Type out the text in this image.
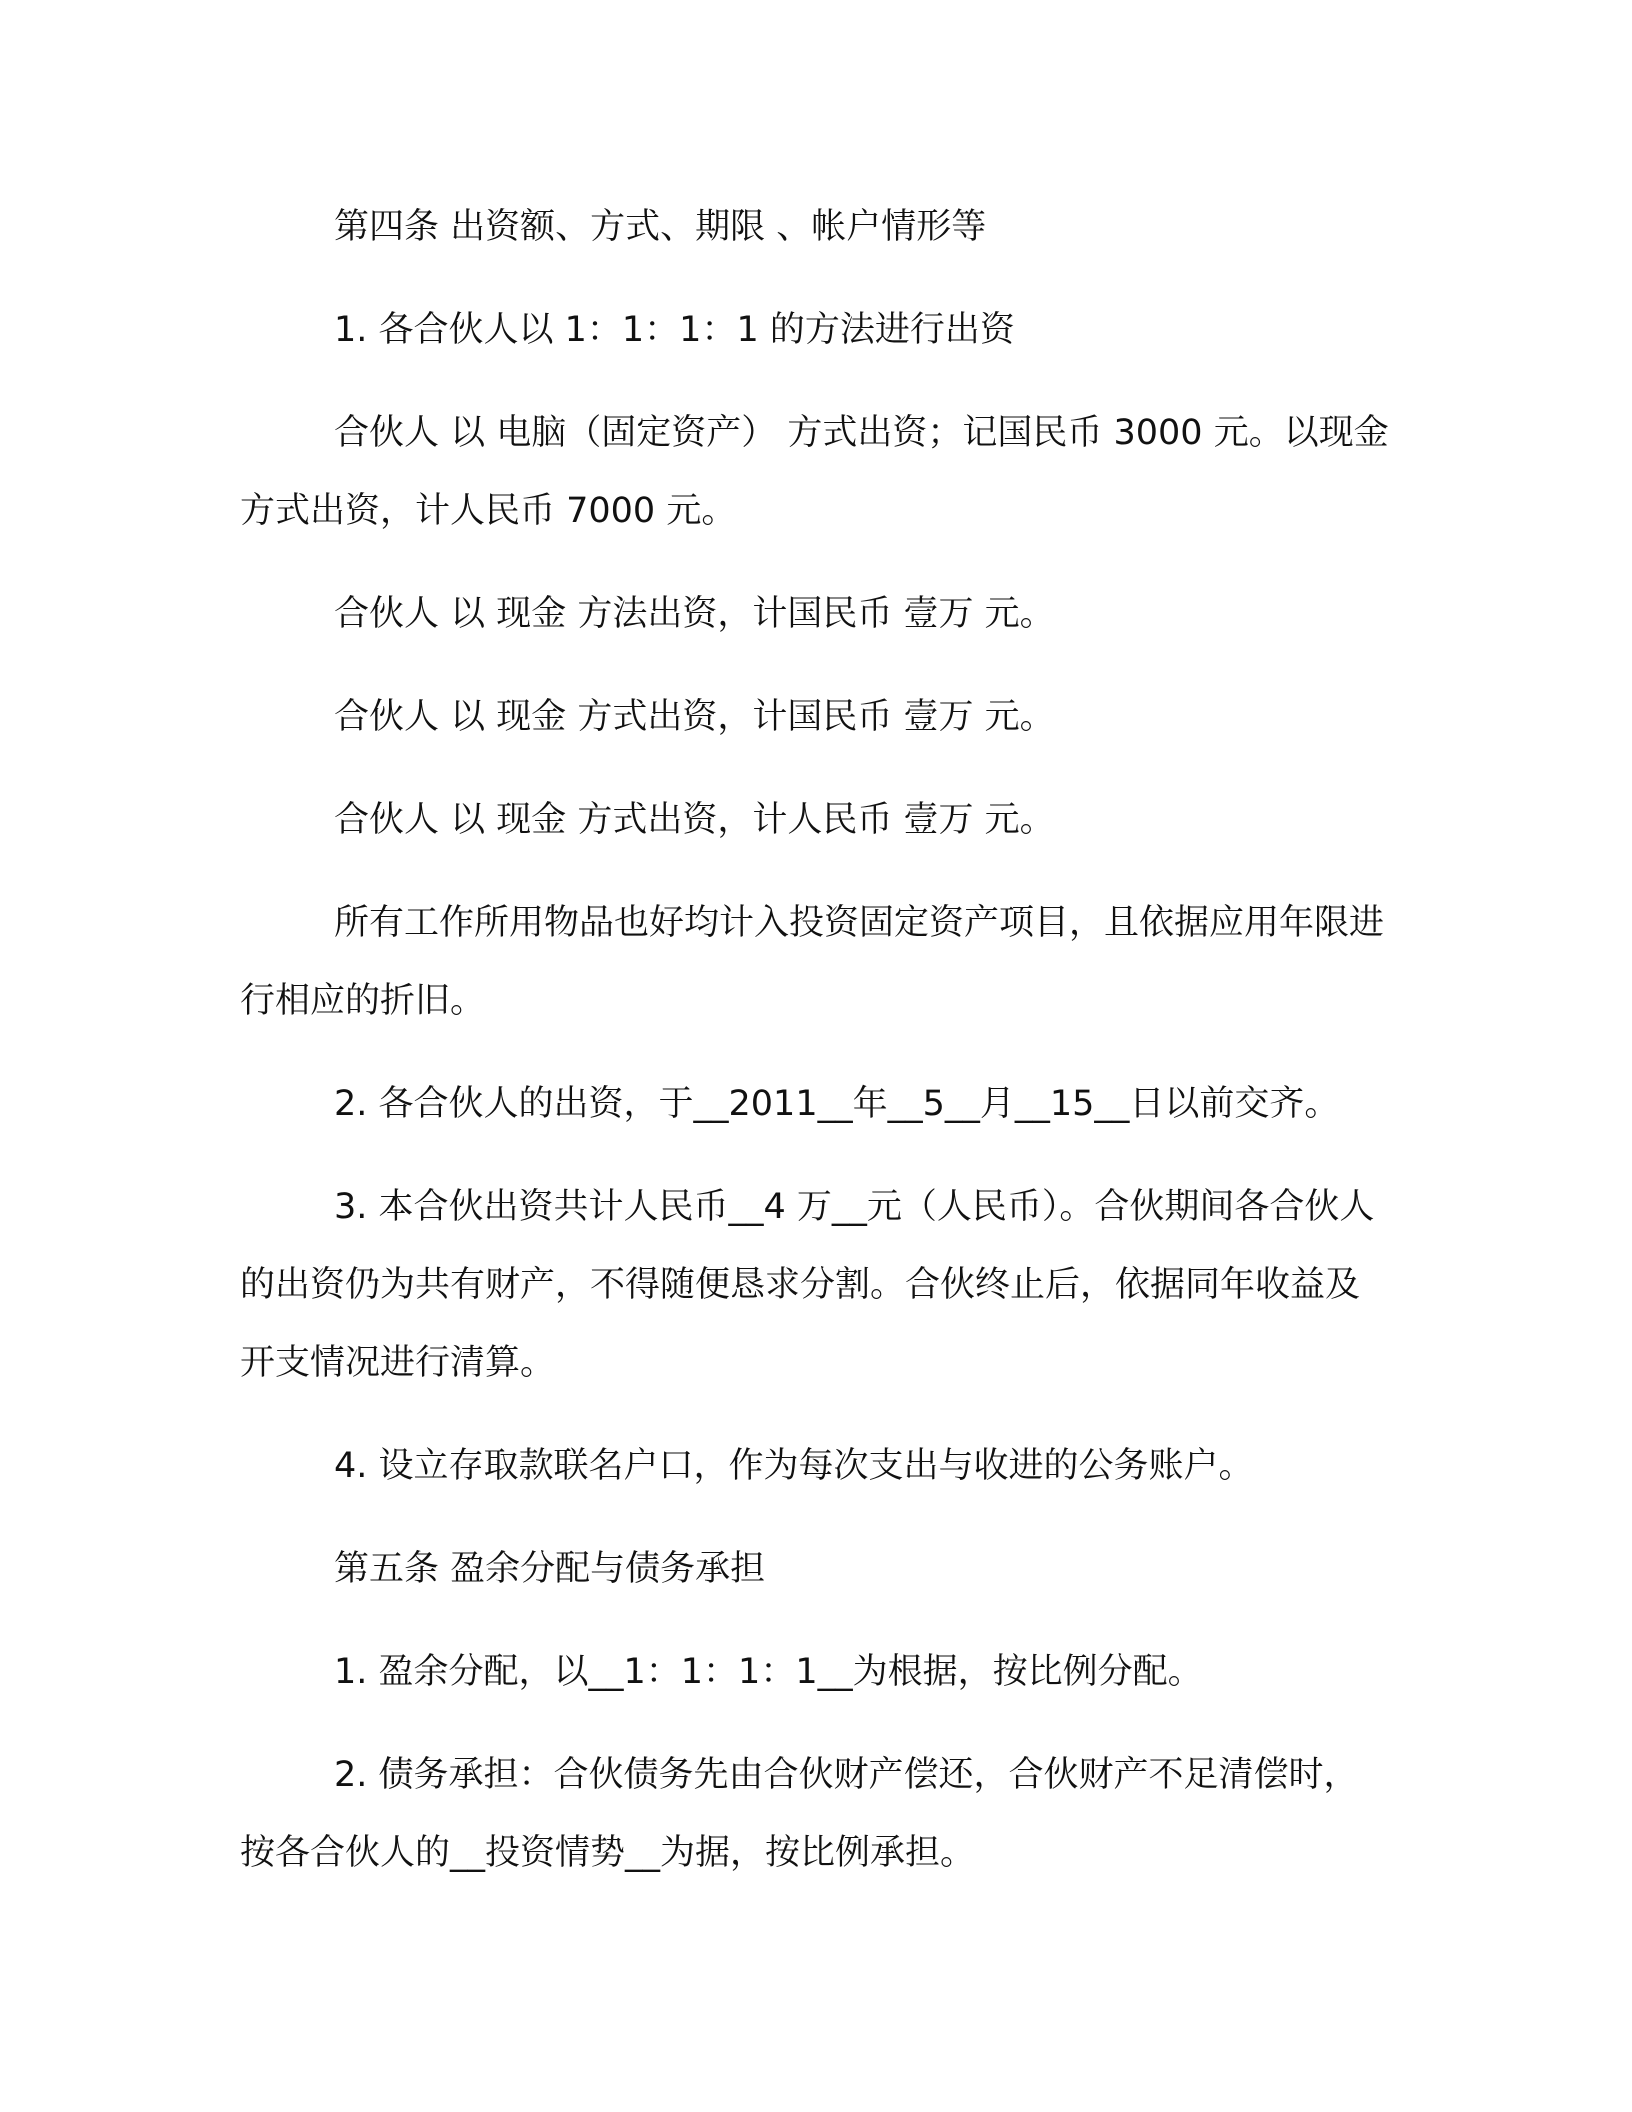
第四条 出资额、方式、期限 、帐户情形等

1. 各合伙人以 1：1：1：1 的方法进行出资

合伙人 以 电脑（固定资产） 方式出资；记国民币 3000 元。以现金 方式出资，计人民币 7000 元。

合伙人 以 现金 方法出资，计国民币 壹万 元。

合伙人 以 现金 方式出资，计国民币 壹万 元。

合伙人 以 现金 方式出资，计人民币 壹万 元。

所有工作所用物品也好均计入投资固定资产项目，且依据应用年限进行相应的折旧。

2. 各合伙人的出资，于__2011__年__5__月__15__日以前交齐。

3. 本合伙出资共计人民币__4 万__元（人民币）。合伙期间各合伙人的出资仍为共有财产，不得随便恳求分割。合伙终止后，依据同年收益及开支情况进行清算。

4. 设立存取款联名户口，作为每次支出与收进的公务账户。

第五条 盈余分配与债务承担

1. 盈余分配，以__1：1：1：1__为根据，按比例分配。

2. 债务承担：合伙债务先由合伙财产偿还，合伙财产不足清偿时，按各合伙人的__投资情势__为据，按比例承担。
